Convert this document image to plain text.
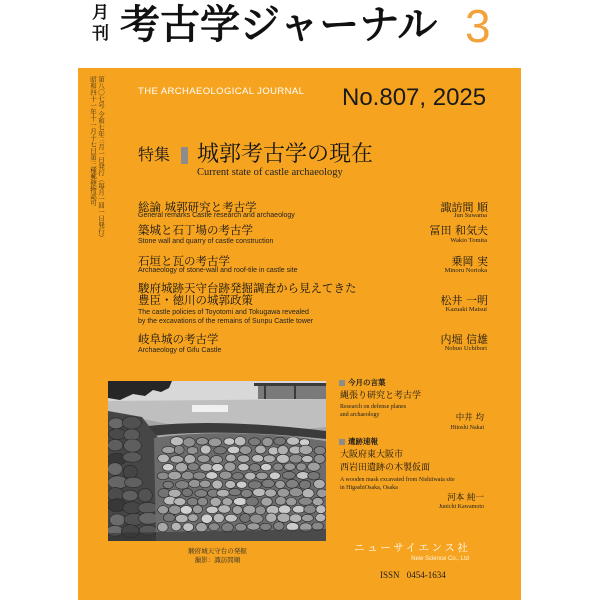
月
刊 考古学ジャーナル 3
第八〇七号 令和七年三月一日発行（毎月一回一日発行）
昭和四十一年十一月十七日第三種郵便物認可	THE ARCHAEOLOGICAL JOURNAL No.807, 2025
特集 城郭考古学の現在
Current state of castle archaeology
総論 城郭研究と考古学
General remarks Castle research and archaeology
諏訪間 順
Jun Suwama
築城と石丁場の考古学
Stone wall and quarry of castle construction
冨田 和気夫
Wakio Tomita
石垣と瓦の考古学
Archaeology of stone-wall and roof-tile in castle site
乗岡 実
Minoru Norioka
駿府城跡天守台跡発掘調査から見えてきた
豊臣・徳川の城郭政策
The castle policies of Toyotomi and Tokugawa revealed
by the excavations of the remains of Sunpu Castle tower
松井 一明
Kazuaki Matsui
岐阜城の考古学
Archaeology of Gifu Castle
内堀 信雄
Nobuo Uchibori
駿府城天守台の発掘
撮影：諏訪間順
今月の言葉
縄張り研究と考古学
Research on defense planes
and archaeology	中井 均
Hitoshi Nakai
遺跡速報
大阪府東大阪市
西岩田遺跡の木製仮面
A wooden mask excavated from Nishiiwata site
in HigashiOsaka, Osaka
河本 純一
Junichi Kawamoto
ニューサイエンス社
New Science Co., Ltd
ISSN 0454-1634
